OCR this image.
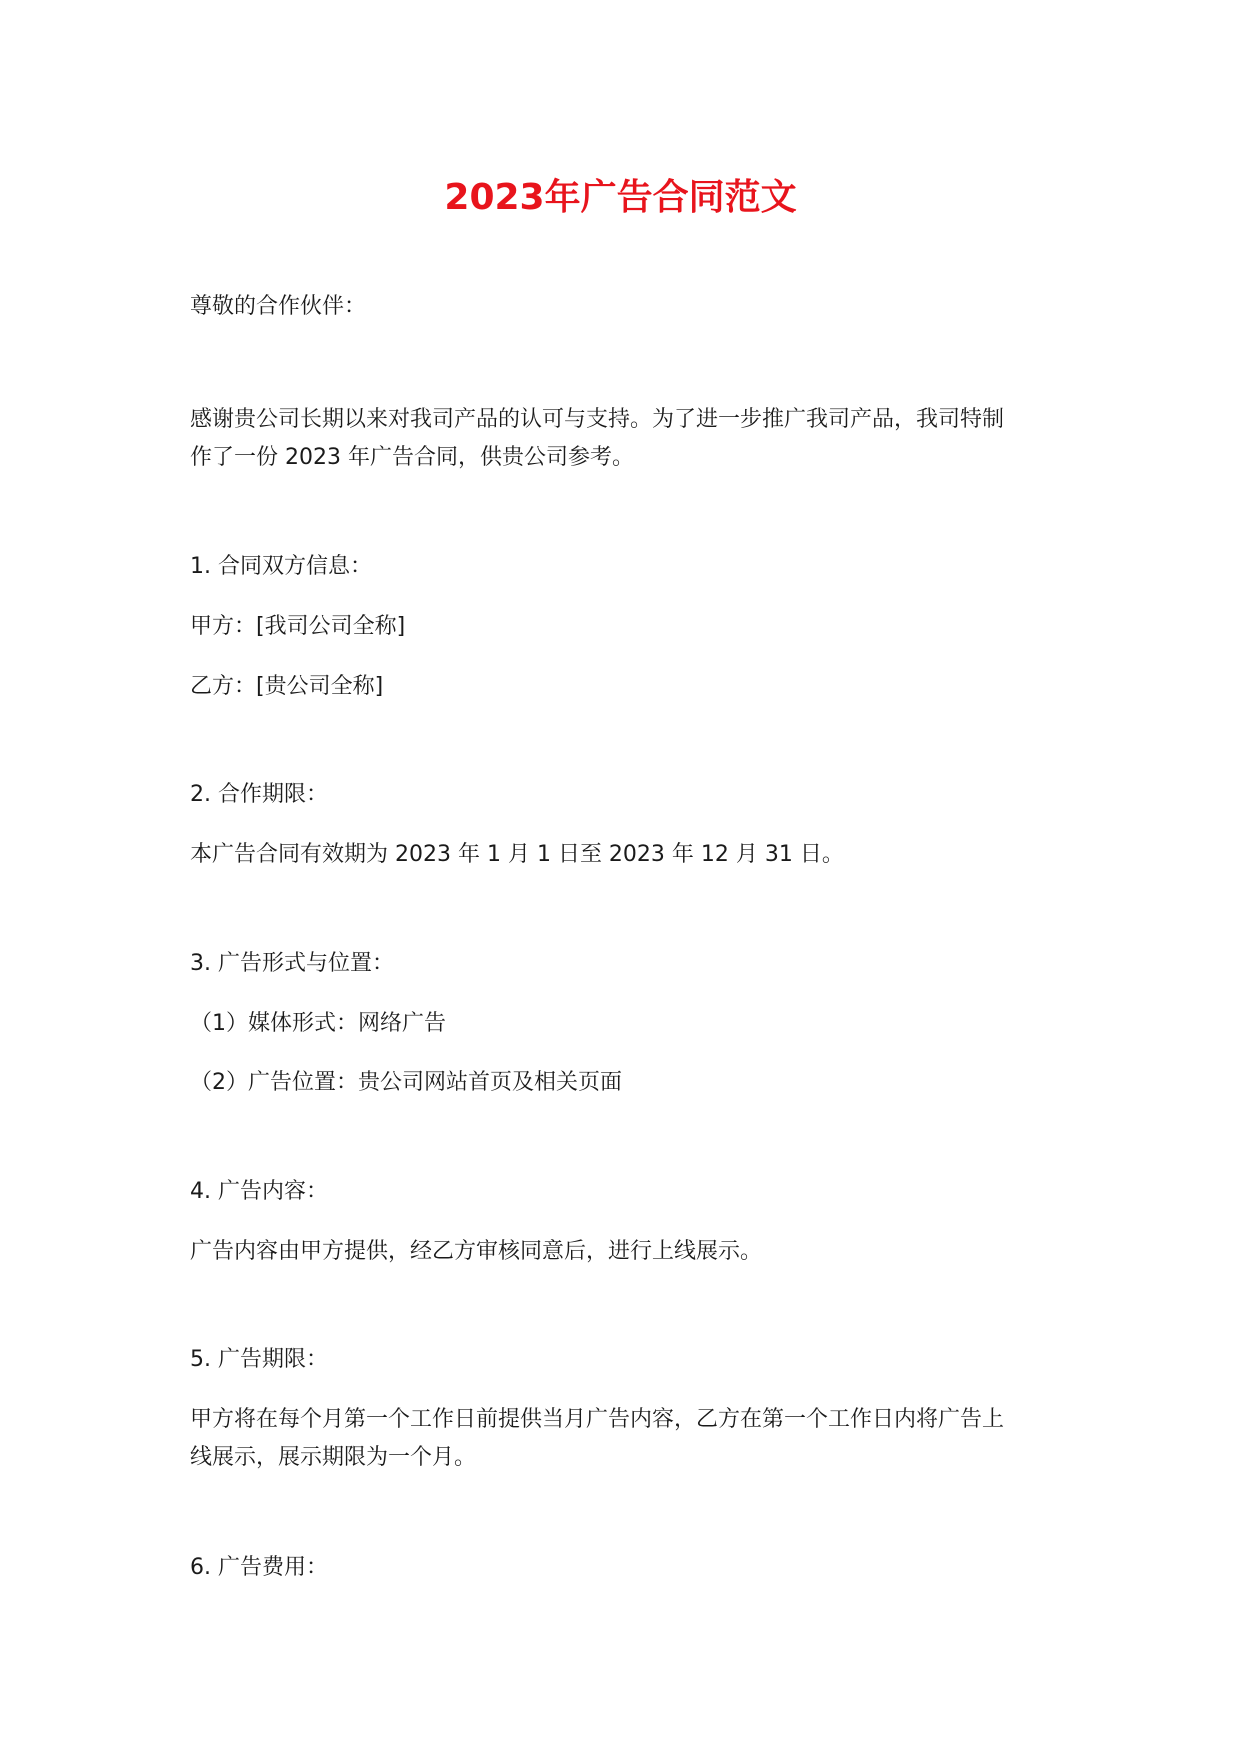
2023年广告合同范文
尊敬的合作伙伴：
感谢贵公司长期以来对我司产品的认可与支持。为了进一步推广我司产品，我司特制
作了一份 2023 年广告合同，供贵公司参考。
1. 合同双方信息：
甲方：[我司公司全称]
乙方：[贵公司全称]
2. 合作期限：
本广告合同有效期为 2023 年 1 月 1 日至 2023 年 12 月 31 日。
3. 广告形式与位置：
（1）媒体形式：网络广告
（2）广告位置：贵公司网站首页及相关页面
4. 广告内容：
广告内容由甲方提供，经乙方审核同意后，进行上线展示。
5. 广告期限：
甲方将在每个月第一个工作日前提供当月广告内容，乙方在第一个工作日内将广告上
线展示，展示期限为一个月。
6. 广告费用：
